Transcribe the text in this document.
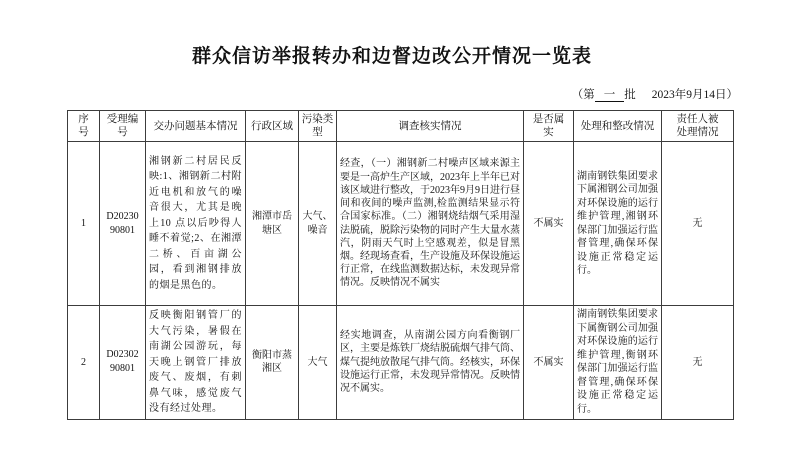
群众信访举报转办和边督边改公开情况一览表
（第 一 批 2023年9月14日）
序号	受理编号	交办问题基本情况	行政区域	污染类型	调查核实情况	是否属实	处理和整改情况	责任人被处理情况
1	D2023090801	湘钢新二村居民反映:1、湘钢新二村附近电机和放气的噪音很大，尤其是晚上10 点以后吵得人睡不着觉;2、在湘潭二桥、百亩湖公园，看到湘钢排放的烟是黑色的。	湘潭市岳塘区	大气、噪音	经查，（一）湘钢新二村噪声区域来源主要是一高炉生产区域，2023年上半年已对该区域进行整改，于2023年9月9日进行昼间和夜间的噪声监测,检监测结果显示符合国家标准。（二）湘钢烧结烟气采用湿法脱硫，脱除污染物的同时产生大量水蒸汽，阴雨天气时上空感观差，似是冒黑烟。经现场查看，生产设施及环保设施运行正常，在线监测数据达标，未发现异常情况。反映情况不属实	不属实	湖南钢铁集团要求下属湘钢公司加强对环保设施的运行维护管理,湘钢环保部门加强运行监督管理,确保环保设施正常稳定运行。	无
2	D0230290801	反映衡阳钢管厂的大气污染，暑假在南湖公园游玩，每天晚上钢管厂排放废气、废烟，有刺鼻气味，感觉废气没有经过处理。	衡阳市蒸湘区	大气	经实地调查，从南湖公园方向看衡钢厂区，主要是炼铁厂烧结脱硫烟气排气筒、煤气提纯放散尾气排气筒。经核实，环保设施运行正常，未发现异常情况。反映情况不属实。	不属实	湖南钢铁集团要求下属衡钢公司加强对环保设施的运行维护管理,衡钢环保部门加强运行监督管理,确保环保设施正常稳定运行。	无
